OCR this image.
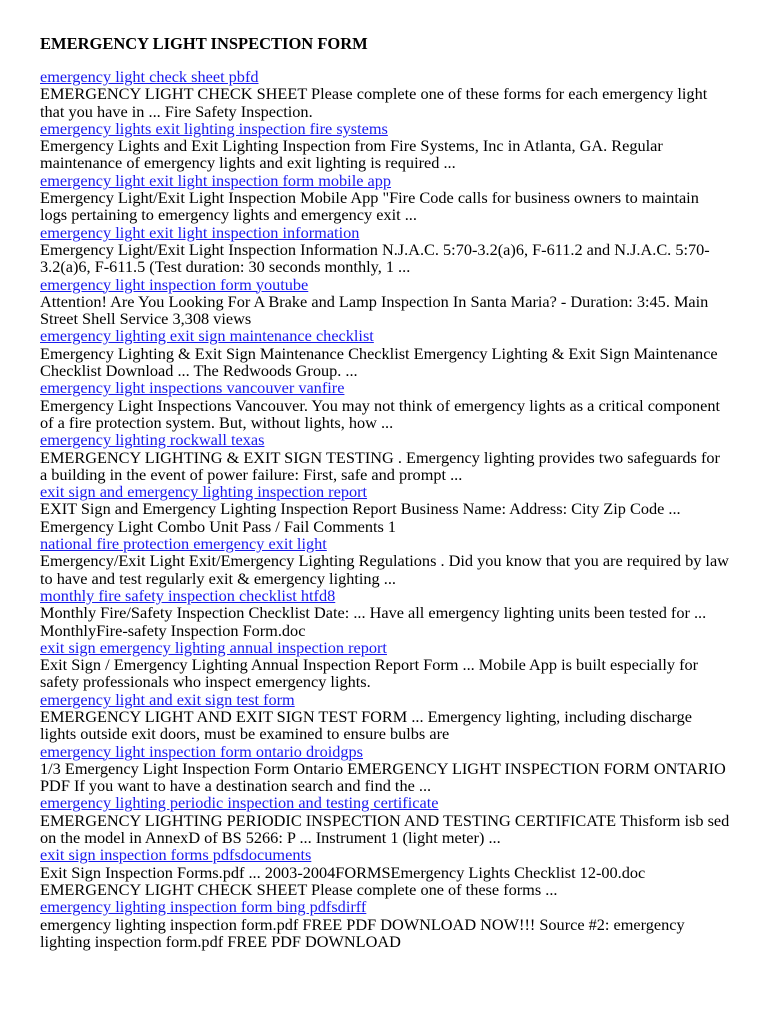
EMERGENCY LIGHT INSPECTION FORM
emergency light check sheet pbfd

EMERGENCY LIGHT CHECK SHEET Please complete one of these forms for each emergency light that you have in ... Fire Safety Inspection.

emergency lights exit lighting inspection fire systems

Emergency Lights and Exit Lighting Inspection from Fire Systems, Inc in Atlanta, GA. Regular maintenance of emergency lights and exit lighting is required ...

emergency light exit light inspection form mobile app

Emergency Light/Exit Light Inspection Mobile App "Fire Code calls for business owners to maintain logs pertaining to emergency lights and emergency exit ...

emergency light exit light inspection information

Emergency Light/Exit Light Inspection Information N.J.A.C. 5:70-3.2(a)6, F-611.2 and N.J.A.C. 5:70-3.2(a)6, F-611.5 (Test duration: 30 seconds monthly, 1 ...

emergency light inspection form youtube

Attention! Are You Looking For A Brake and Lamp Inspection In Santa Maria? - Duration: 3:45. Main Street Shell Service 3,308 views

emergency lighting exit sign maintenance checklist

Emergency Lighting & Exit Sign Maintenance Checklist Emergency Lighting & Exit Sign Maintenance Checklist Download ... The Redwoods Group. ...

emergency light inspections vancouver vanfire

Emergency Light Inspections Vancouver. You may not think of emergency lights as a critical component of a fire protection system. But, without lights, how ...

emergency lighting rockwall texas

EMERGENCY LIGHTING & EXIT SIGN TESTING . Emergency lighting provides two safeguards for a building in the event of power failure: First, safe and prompt ...

exit sign and emergency lighting inspection report

EXIT Sign and Emergency Lighting Inspection Report Business Name: Address: City Zip Code ... Emergency Light Combo Unit Pass / Fail Comments 1

national fire protection emergency exit light

Emergency/Exit Light Exit/Emergency Lighting Regulations . Did you know that you are required by law to have and test regularly exit & emergency lighting ...

monthly fire safety inspection checklist htfd8

Monthly Fire/Safety Inspection Checklist Date: ... Have all emergency lighting units been tested for ... MonthlyFire-safety Inspection Form.doc

exit sign emergency lighting annual inspection report

Exit Sign / Emergency Lighting Annual Inspection Report Form ... Mobile App is built especially for safety professionals who inspect emergency lights.

emergency light and exit sign test form

EMERGENCY LIGHT AND EXIT SIGN TEST FORM ... Emergency lighting, including discharge lights outside exit doors, must be examined to ensure bulbs are

emergency light inspection form ontario droidgps

1/3 Emergency Light Inspection Form Ontario EMERGENCY LIGHT INSPECTION FORM ONTARIO PDF If you want to have a destination search and find the ...

emergency lighting periodic inspection and testing certificate

EMERGENCY LIGHTING PERIODIC INSPECTION AND TESTING CERTIFICATE Thisform isb sed on the model in AnnexD of BS 5266: P ... Instrument 1 (light meter) ...

exit sign inspection forms pdfsdocuments

Exit Sign Inspection Forms.pdf ... 2003-2004FORMSEmergency Lights Checklist 12-00.doc EMERGENCY LIGHT CHECK SHEET Please complete one of these forms ...

emergency lighting inspection form bing pdfsdirff

emergency lighting inspection form.pdf FREE PDF DOWNLOAD NOW!!! Source #2: emergency lighting inspection form.pdf FREE PDF DOWNLOAD
